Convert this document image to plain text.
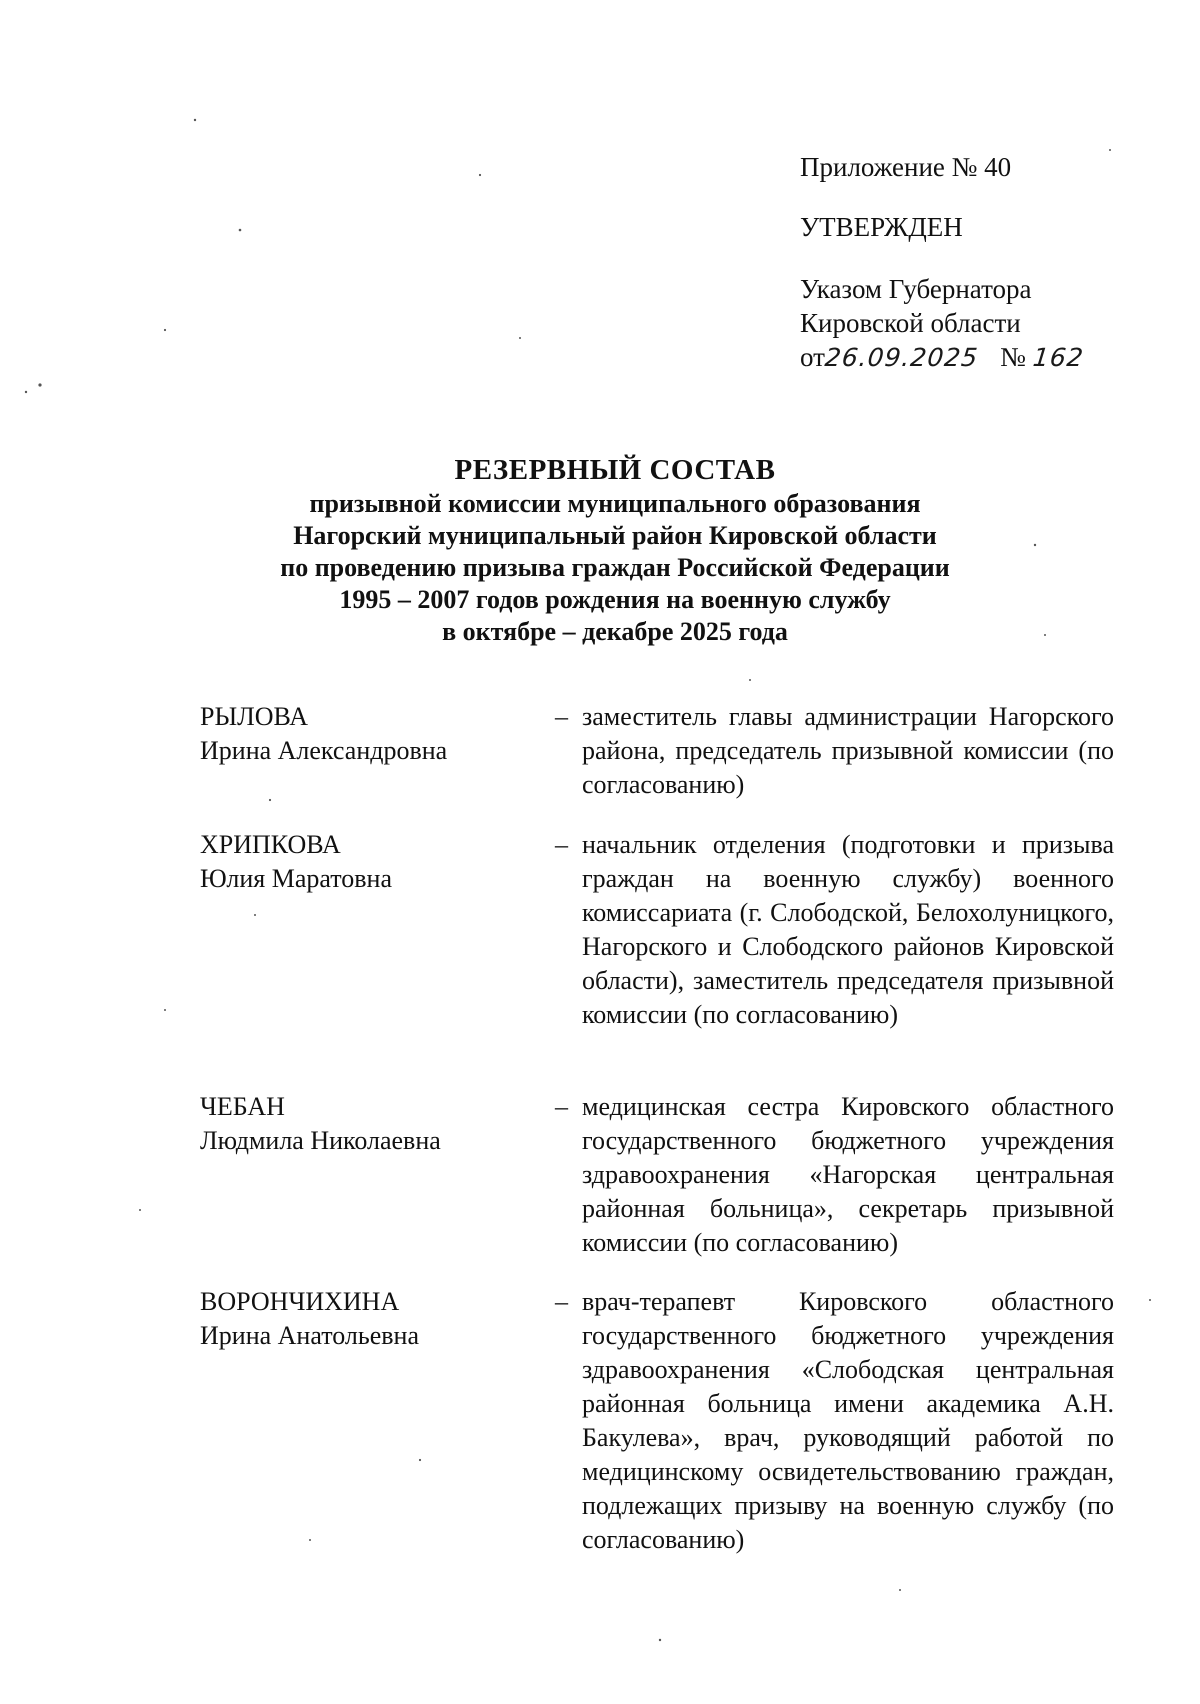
Приложение № 40
УТВЕРЖДЕН
Указом Губернатора
Кировской области
от26.09.2025 № 162
РЕЗЕРВНЫЙ СОСТАВ
призывной комиссии муниципального образования
Нагорский муниципальный район Кировской области
по проведению призыва граждан Российской Федерации
1995 – 2007 годов рождения на военную службу
в октябре – декабре 2025 года
РЫЛОВА
Ирина Александровна
– заместитель главы администрации Нагорского района, председатель призывной комиссии (по согласованию)
ХРИПКОВА
Юлия Маратовна
– начальник отделения (подготовки и призыва граждан на военную службу) военного комиссариата (г. Слободской, Белохолуницкого, Нагорского и Слободского районов Кировской области), заместитель председателя призывной комиссии (по согласованию)
ЧЕБАН
Людмила Николаевна
– медицинская сестра Кировского областного государственного бюджетного учреждения здравоохранения «Нагорская центральная районная больница», секретарь призывной комиссии (по согласованию)
ВОРОНЧИХИНА
Ирина Анатольевна
– врач-терапевт Кировского областного государственного бюджетного учреждения здравоохранения «Слободская центральная районная больница имени академика А.Н. Бакулева», врач, руководящий работой по медицинскому освидетельствованию граждан, подлежащих призыву на военную службу (по согласованию)
